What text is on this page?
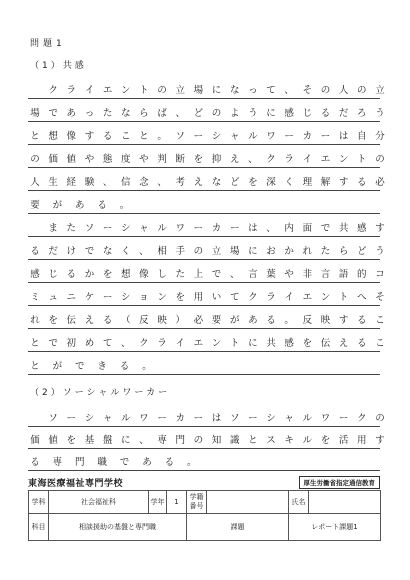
問題1
（1）共感
（2）ソーシャルワーカー
東海医療福祉専門学校	厚生労働省指定通信教育
学科	社会福祉科	学年	1	学籍番号		氏名	
科目	相談援助の基盤と専門職			課題		レポート課題1	

ク ラ イ エ ン ト の 立 場 に な っ て 、 そ の 人 の 立
場 で あ っ た な ら ば 、 ど の よ う に 感 じ る だ ろ う
と 想 像 す る こ と 。 ソ ー シ ャ ル ワ ー カ ー は 自 分
の 価 値 や 態 度 や 判 断 を 抑 え 、 ク ラ イ エ ン ト の
人 生 経 験 、 信 念 、 考 え な ど を 深 く 理 解 す る 必
要 が あ る 。

ま た ソ ー シ ャ ル ワ ー カ ー は 、 内 面 で 共 感 す
る だ け で な く 、 相 手 の 立 場 に お か れ た ら ど う
感 じ る か を 想 像 し た 上 で 、 言 葉 や 非 言 語 的 コ
ミ ュ ニ ケ ー シ ョ ン を 用 い て ク ラ イ エ ン ト へ そ
れ を 伝 え る （ 反 映 ） 必 要 が あ る 。 反 映 す る こ
と で 初 め て 、 ク ラ イ エ ン ト に 共 感 を 伝 え る こ
と が で き る 。

ソ ー シ ャ ル ワ ー カ ー は ソ ー シ ャ ル ワ ー ク の
価 値 を 基 盤 に 、 専 門 の 知 識 と ス キ ル を 活 用 す
る 専 門 職 で あ る 。
